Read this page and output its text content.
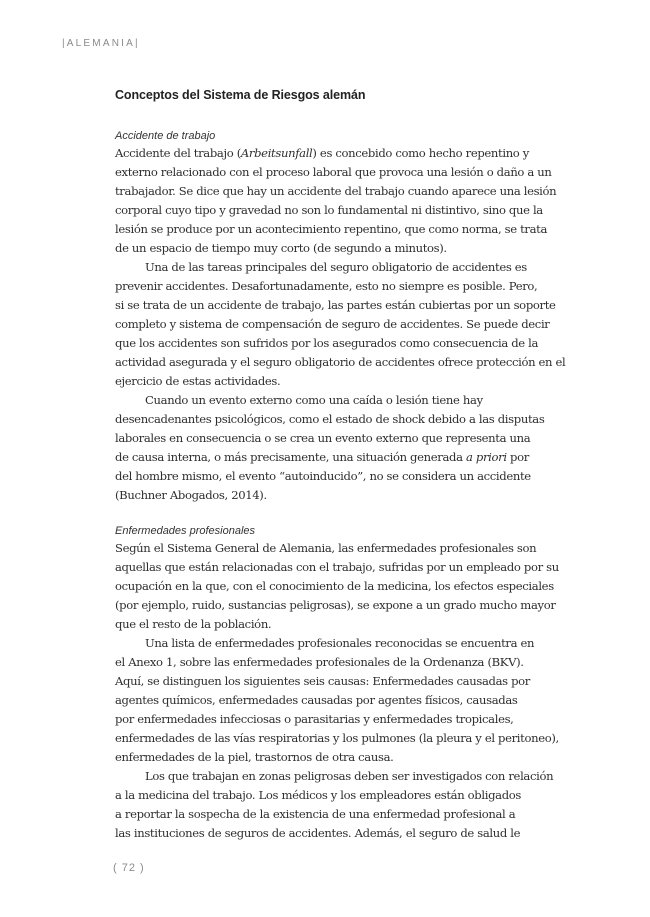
|ALEMANIA|
Conceptos del Sistema de Riesgos alemán
Accidente de trabajo

Accidente del trabajo (Arbeitsunfall) es concebido como hecho repentino y
externo relacionado con el proceso laboral que provoca una lesión o daño a un
trabajador. Se dice que hay un accidente del trabajo cuando aparece una lesión
corporal cuyo tipo y gravedad no son lo fundamental ni distintivo, sino que la
lesión se produce por un acontecimiento repentino, que como norma, se trata
de un espacio de tiempo muy corto (de segundo a minutos).

Una de las tareas principales del seguro obligatorio de accidentes es
prevenir accidentes. Desafortunadamente, esto no siempre es posible. Pero,
si se trata de un accidente de trabajo, las partes están cubiertas por un soporte
completo y sistema de compensación de seguro de accidentes. Se puede decir
que los accidentes son sufridos por los asegurados como consecuencia de la
actividad asegurada y el seguro obligatorio de accidentes ofrece protección en el
ejercicio de estas actividades.

Cuando un evento externo como una caída o lesión tiene hay
desencadenantes psicológicos, como el estado de shock debido a las disputas
laborales en consecuencia o se crea un evento externo que representa una
de causa interna, o más precisamente, una situación generada a priori por
del hombre mismo, el evento “autoinducido”, no se considera un accidente
(Buchner Abogados, 2014).

Enfermedades profesionales

Según el Sistema General de Alemania, las enfermedades profesionales son
aquellas que están relacionadas con el trabajo, sufridas por un empleado por su
ocupación en la que, con el conocimiento de la medicina, los efectos especiales
(por ejemplo, ruido, sustancias peligrosas), se expone a un grado mucho mayor
que el resto de la población.

Una lista de enfermedades profesionales reconocidas se encuentra en
el Anexo 1, sobre las enfermedades profesionales de la Ordenanza (BKV).
Aquí, se distinguen los siguientes seis causas: Enfermedades causadas por
agentes químicos, enfermedades causadas por agentes físicos, causadas
por enfermedades infecciosas o parasitarias y enfermedades tropicales,
enfermedades de las vías respiratorias y los pulmones (la pleura y el peritoneo),
enfermedades de la piel, trastornos de otra causa.

Los que trabajan en zonas peligrosas deben ser investigados con relación
a la medicina del trabajo. Los médicos y los empleadores están obligados
a reportar la sospecha de la existencia de una enfermedad profesional a
las instituciones de seguros de accidentes. Además, el seguro de salud le

( 72 )
